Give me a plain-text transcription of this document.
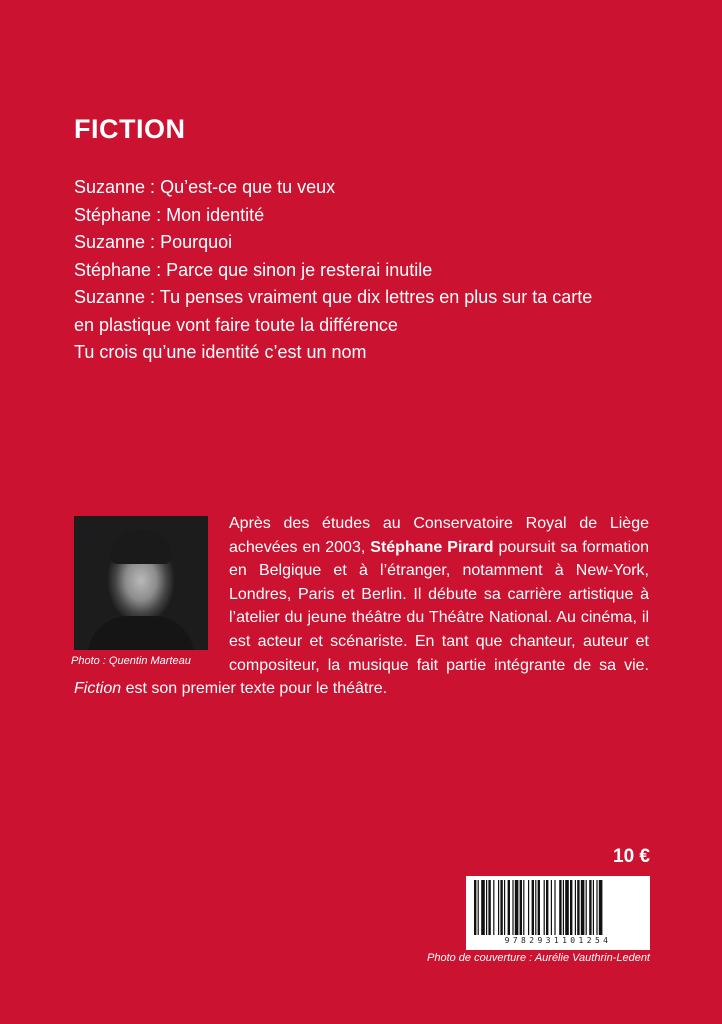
FICTION
Suzanne : Qu’est-ce que tu veux
Stéphane : Mon identité
Suzanne : Pourquoi
Stéphane : Parce que sinon je resterai inutile
Suzanne : Tu penses vraiment que dix lettres en plus sur ta carte
en plastique vont faire toute la différence
Tu crois qu’une identité c’est un nom
Après des études au Conservatoire Royal de Liège achevées en 2003, Stéphane Pirard poursuit sa formation en Belgique et à l’étranger, notamment à New-York, Londres, Paris et Berlin. Il débute sa carrière artistique à l’atelier du jeune théâtre du Théâtre National. Au cinéma, il est acteur et scénariste. En tant que chanteur, auteur et compositeur, la musique fait partie intégrante de sa vie. Fiction est son premier texte pour le théâtre.
Photo : Quentin Marteau
10 €
9782931101254
Photo de couverture : Aurélie Vauthrin-Ledent
